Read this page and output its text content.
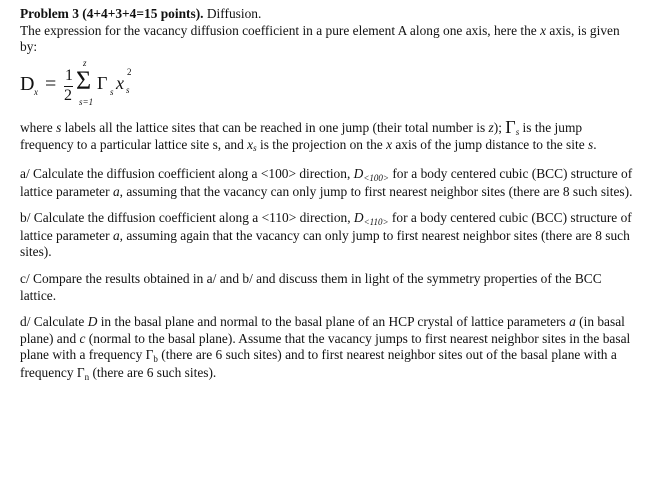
Problem 3 (4+4+3+4=15 points). Diffusion.

The expression for the vacancy diffusion coefficient in a pure element A along one axis, here the x axis, is given by:

D x = 1
2
z
Σ
s=1
Γ s x
2
s

where s labels all the lattice sites that can be reached in one jump (their total number is z); $\Gamma_s$ is the jump frequency to a particular lattice site s, and xs is the projection on the x axis of the jump distance to the site s.

a/ Calculate the diffusion coefficient along a <100> direction, $D_{<100>}$ for a body centered cubic (BCC) structure of lattice parameter a, assuming that the vacancy can only jump to first nearest neighbor sites (there are 8 such sites).

b/ Calculate the diffusion coefficient along a <110> direction, $D_{<110>}$ for a body centered cubic (BCC) structure of lattice parameter a, assuming again that the vacancy can only jump to first nearest neighbor sites (there are 8 such sites).

c/ Compare the results obtained in a/ and b/ and discuss them in light of the symmetry properties of the BCC lattice.

d/ Calculate D in the basal plane and normal to the basal plane of an HCP crystal of lattice parameters a (in basal plane) and c (normal to the basal plane). Assume that the vacancy jumps to first nearest neighbor sites in the basal plane with a frequency $\Gamma_b$ (there are 6 such sites) and to first nearest neighbor sites out of the basal plane with a frequency $\Gamma_n$ (there are 6 such sites).
